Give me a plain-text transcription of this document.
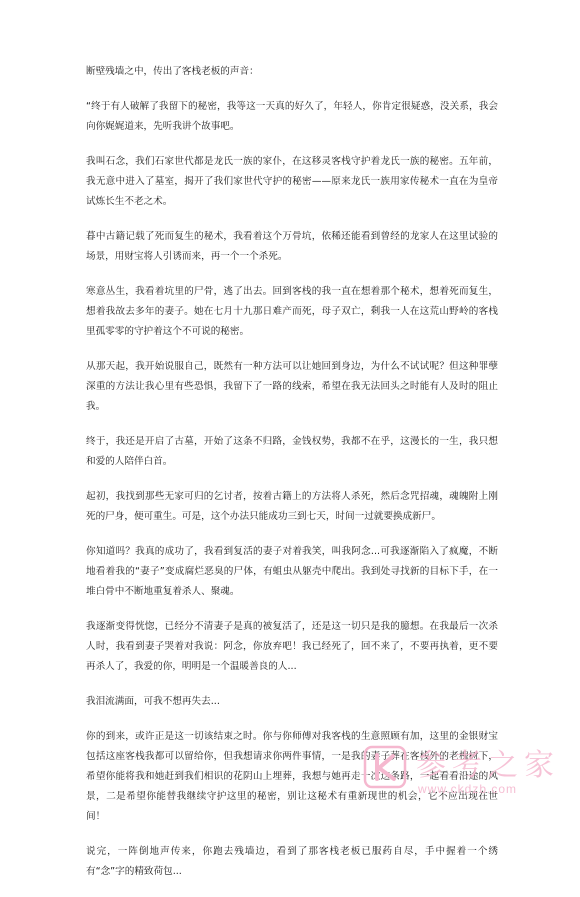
断壁残墙之中，传出了客栈老板的声音：

“终于有人破解了我留下的秘密，我等这一天真的好久了，年轻人，你肯定很疑惑，没关系，我会向你娓娓道来，先听我讲个故事吧。

我叫石念，我们石家世代都是龙氏一族的家仆，在这移灵客栈守护着龙氏一族的秘密。五年前，我无意中进入了墓室，揭开了我们家世代守护的秘密——原来龙氏一族用家传秘术一直在为皇帝试炼长生不老之术。

暮中古籍记载了死而复生的秘术，我看着这个万骨坑，依稀还能看到曾经的龙家人在这里试验的场景，用财宝将人引诱而来，再一个一个杀死。

寒意丛生，我看着坑里的尸骨，逃了出去。回到客栈的我一直在想着那个秘术，想着死而复生，想着我故去多年的妻子。她在七月十九那日难产而死，母子双亡，剩我一人在这荒山野岭的客栈里孤零零的守护着这个不可说的秘密。

从那天起，我开始说服自己，既然有一种方法可以让她回到身边，为什么不试试呢？但这种罪孽深重的方法让我心里有些恐惧，我留下了一路的线索，希望在我无法回头之时能有人及时的阻止我。

终于，我还是开启了古墓，开始了这条不归路，金钱权势，我都不在乎，这漫长的一生，我只想和爱的人陪伴白首。

起初，我找到那些无家可归的乞讨者，按着古籍上的方法将人杀死，然后念咒招魂，魂魄附上刚死的尸身，便可重生。可是，这个办法只能成功三到七天，时间一过就要换成新尸。

你知道吗？我真的成功了，我看到复活的妻子对着我笑，叫我阿念...可我逐渐陷入了疯魔，不断地看着我的“妻子”变成腐烂恶臭的尸体，有蛆虫从躯壳中爬出。我到处寻找新的目标下手，在一堆白骨中不断地重复着杀人、聚魂。

我逐渐变得恍惚，已经分不清妻子是真的被复活了，还是这一切只是我的臆想。在我最后一次杀人时，我看到妻子哭着对我说：阿念，你放弃吧！我已经死了，回不来了，不要再执着，更不要再杀人了，我爱的你，明明是一个温暖善良的人...

我泪流满面，可我不想再失去...

你的到来，或许正是这一切该结束之时。你与你师傅对我客栈的生意照顾有加，这里的金银财宝包括这座客栈我都可以留给你，但我想请求你两件事情，一是我的妻子葬在客栈外的老槐树下，希望你能将我和她赶到我们相识的花阴山上埋葬，我想与她再走一次这条路，一起看看沿途的风景，二是希望你能替我继续守护这里的秘密，别让这秘术有重新现世的机会，它不应出现在世间！

说完，一阵倒地声传来，你跑去残墙边，看到了那客栈老板已服药自尽，手中握着一个绣有“念”字的精致荷包...

参考之家
www.ckdzb.com
